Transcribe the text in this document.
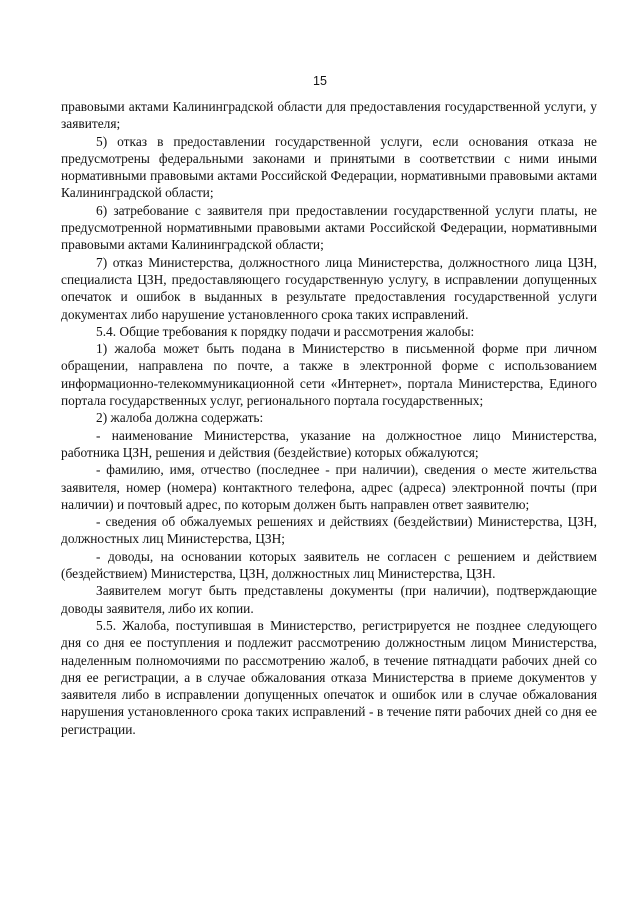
15

правовыми актами Калининградской области для предоставления государственной услуги, у заявителя;

5) отказ в предоставлении государственной услуги, если основания отказа не предусмотрены федеральными законами и принятыми в соответствии с ними иными нормативными правовыми актами Российской Федерации, нормативными правовыми актами Калининградской области;

6) затребование с заявителя при предоставлении государственной услуги платы, не предусмотренной нормативными правовыми актами Российской Федерации, нормативными правовыми актами Калининградской области;

7) отказ Министерства, должностного лица Министерства, должностного лица ЦЗН, специалиста ЦЗН, предоставляющего государственную услугу, в исправлении допущенных опечаток и ошибок в выданных в результате предоставления государственной услуги документах либо нарушение установленного срока таких исправлений.

5.4. Общие требования к порядку подачи и рассмотрения жалобы:

1) жалоба может быть подана в Министерство в письменной форме при личном обращении, направлена по почте, а также в электронной форме с использованием информационно-телекоммуникационной сети «Интернет», портала Министерства, Единого портала государственных услуг, регионального портала государственных;

2) жалоба должна содержать:

- наименование Министерства, указание на должностное лицо Министерства, работника ЦЗН, решения и действия (бездействие) которых обжалуются;

- фамилию, имя, отчество (последнее - при наличии), сведения о месте жительства заявителя, номер (номера) контактного телефона, адрес (адреса) электронной почты (при наличии) и почтовый адрес, по которым должен быть направлен ответ заявителю;

- сведения об обжалуемых решениях и действиях (бездействии) Министерства, ЦЗН, должностных лиц Министерства, ЦЗН;

- доводы, на основании которых заявитель не согласен с решением и действием (бездействием) Министерства, ЦЗН, должностных лиц Министерства, ЦЗН.

Заявителем могут быть представлены документы (при наличии), подтверждающие доводы заявителя, либо их копии.

5.5. Жалоба, поступившая в Министерство, регистрируется не позднее следующего дня со дня ее поступления и подлежит рассмотрению должностным лицом Министерства, наделенным полномочиями по рассмотрению жалоб, в течение пятнадцати рабочих дней со дня ее регистрации, а в случае обжалования отказа Министерства в приеме документов у заявителя либо в исправлении допущенных опечаток и ошибок или в случае обжалования нарушения установленного срока таких исправлений - в течение пяти рабочих дней со дня ее регистрации.
